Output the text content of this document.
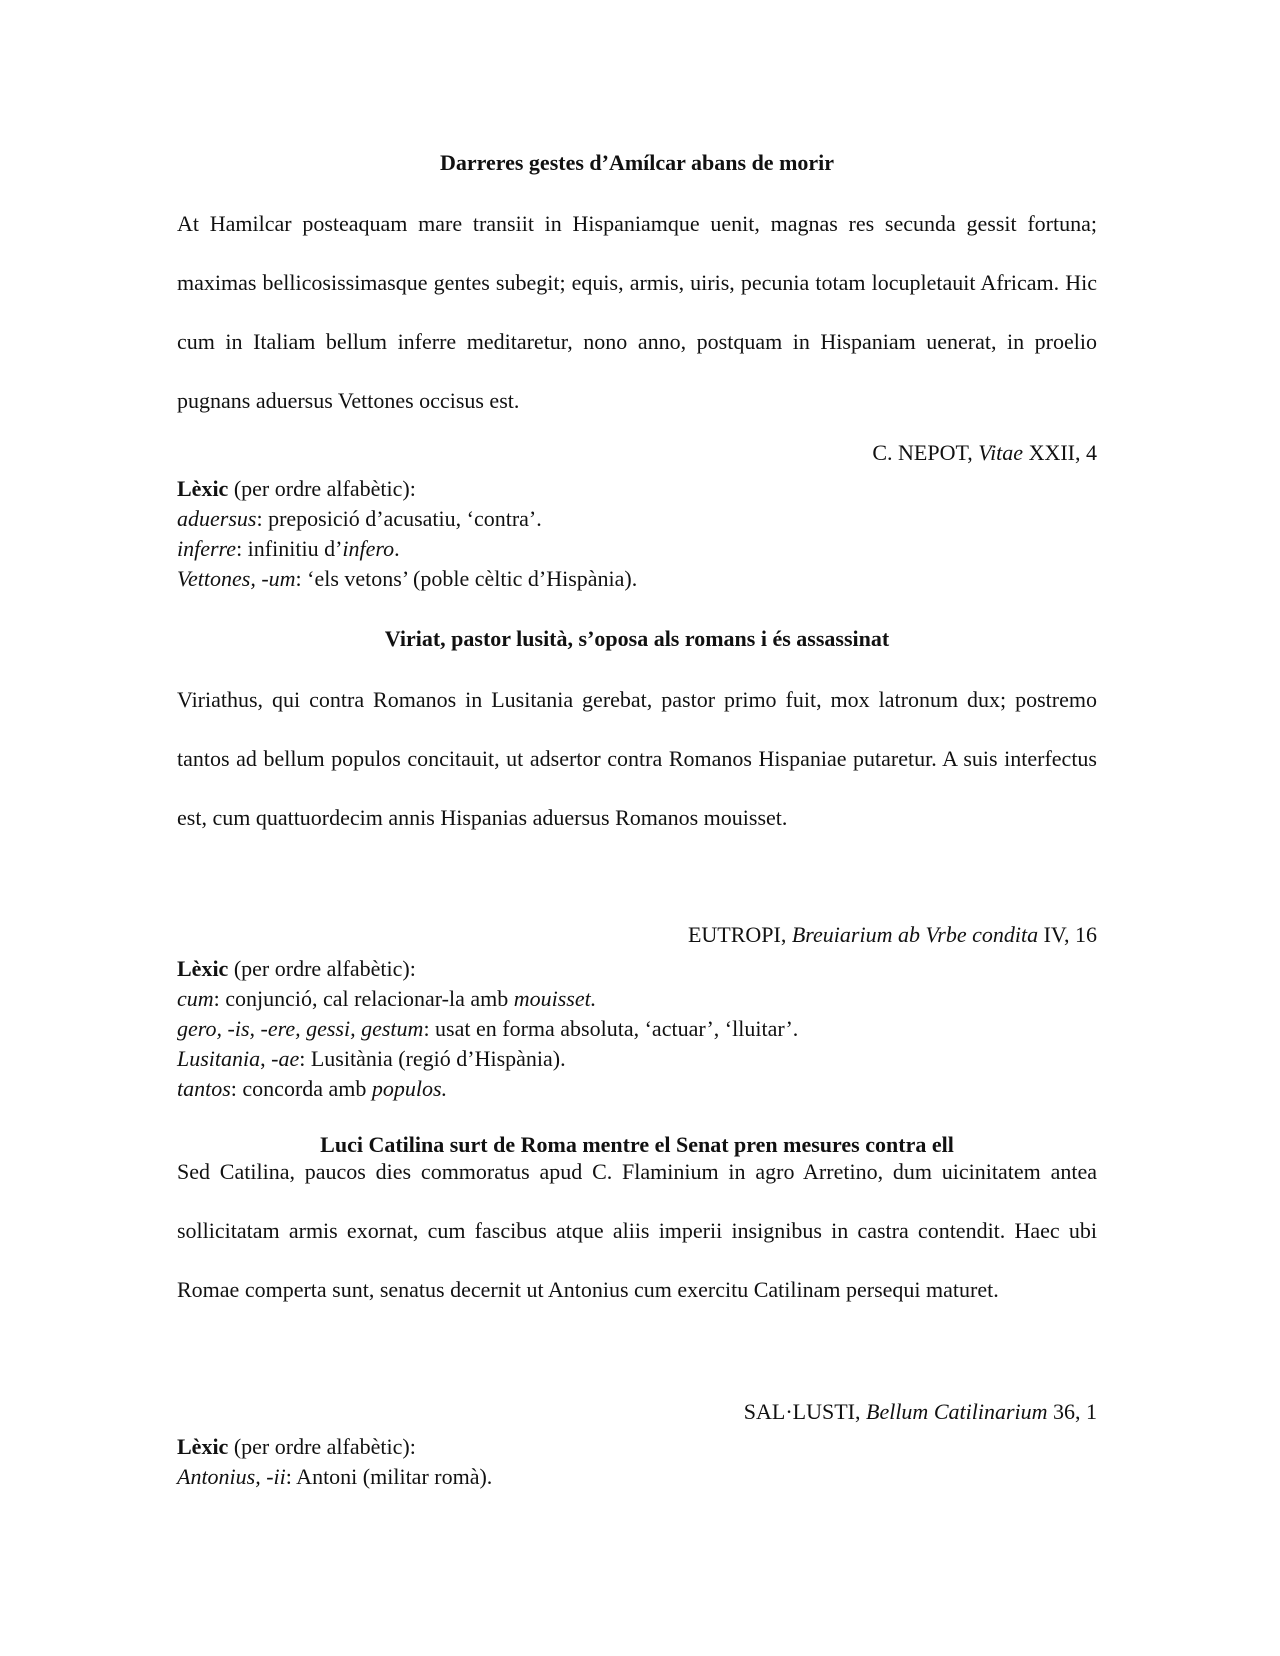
Darreres gestes d’Amílcar abans de morir
At Hamilcar posteaquam mare transiit in Hispaniamque uenit, magnas res secunda gessit fortuna; maximas bellicosissimasque gentes subegit; equis, armis, uiris, pecunia totam locupletauit Africam. Hic cum in Italiam bellum inferre meditaretur, nono anno, postquam in Hispaniam uenerat, in proelio pugnans aduersus Vettones occisus est.
C. NEPOT, Vitae XXII, 4
Lèxic (per ordre alfabètic):
aduersus: preposició d’acusatiu, ‘contra’.
inferre: infinitiu d’infero.
Vettones, -um: ‘els vetons’ (poble cèltic d’Hispània).
Viriat, pastor lusità, s’oposa als romans i és assassinat
Viriathus, qui contra Romanos in Lusitania gerebat, pastor primo fuit, mox latronum dux; postremo tantos ad bellum populos concitauit, ut adsertor contra Romanos Hispaniae putaretur. A suis interfectus est, cum quattuordecim annis Hispanias aduersus Romanos mouisset.
EUTROPI, Breuiarium ab Vrbe condita IV, 16
Lèxic (per ordre alfabètic):
cum: conjunció, cal relacionar-la amb mouisset.
gero, -is, -ere, gessi, gestum: usat en forma absoluta, ‘actuar’, ‘lluitar’.
Lusitania, -ae: Lusitània (regió d’Hispània).
tantos: concorda amb populos.
Luci Catilina surt de Roma mentre el Senat pren mesures contra ell
Sed Catilina, paucos dies commoratus apud C. Flaminium in agro Arretino, dum uicinitatem antea sollicitatam armis exornat, cum fascibus atque aliis imperii insignibus in castra contendit. Haec ubi Romae comperta sunt, senatus decernit ut Antonius cum exercitu Catilinam persequi maturet.
SAL·LUSTI, Bellum Catilinarium 36, 1
Lèxic (per ordre alfabètic):
Antonius, -ii: Antoni (militar romà).
